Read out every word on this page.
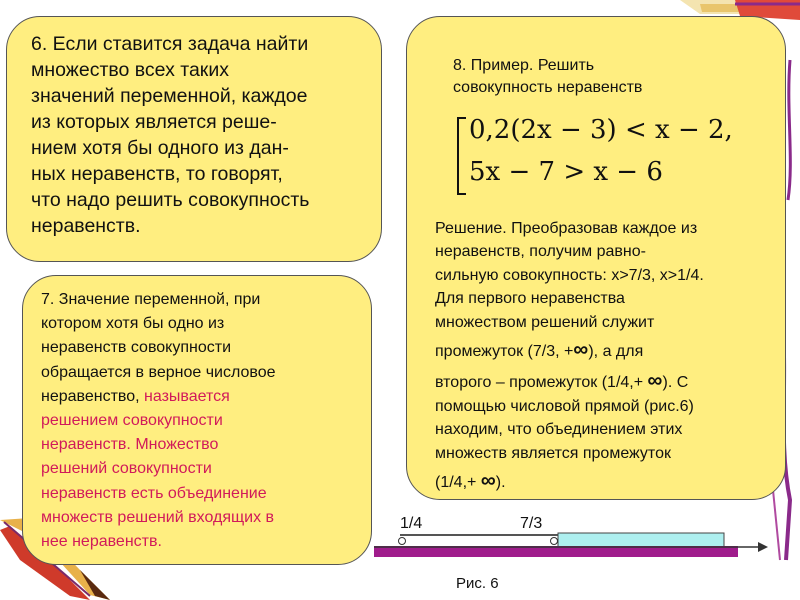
6. Если ставится задача найти
множество всех таких
значений переменной, каждое
из которых является реше-
нием хотя бы одного из дан-
ных неравенств, то говорят,
что надо решить совокупность
неравенств.
7. Значение переменной, при
котором хотя бы одно из
неравенств совокупности
обращается в верное числовое
неравенство, называется
решением совокупности
неравенств. Множество
решений совокупности
неравенств есть объединение
множеств решений входящих в
нее неравенств.
8. Пример. Решить
совокупность неравенств
0,2(2x − 3) < x − 2,
5x − 7 > x − 6
Решение. Преобразовав каждое из
неравенств, получим равно-
сильную совокупность: x>7/3, x>1/4.
Для первого неравенства
множеством решений служит
промежуток (7/3, +∞), а для
второго – промежуток (1/4,+ ∞). С
помощью числовой прямой (рис.6)
находим, что объединением этих
множеств является промежуток
(1/4,+ ∞).
1/4	7/3
Рис. 6
